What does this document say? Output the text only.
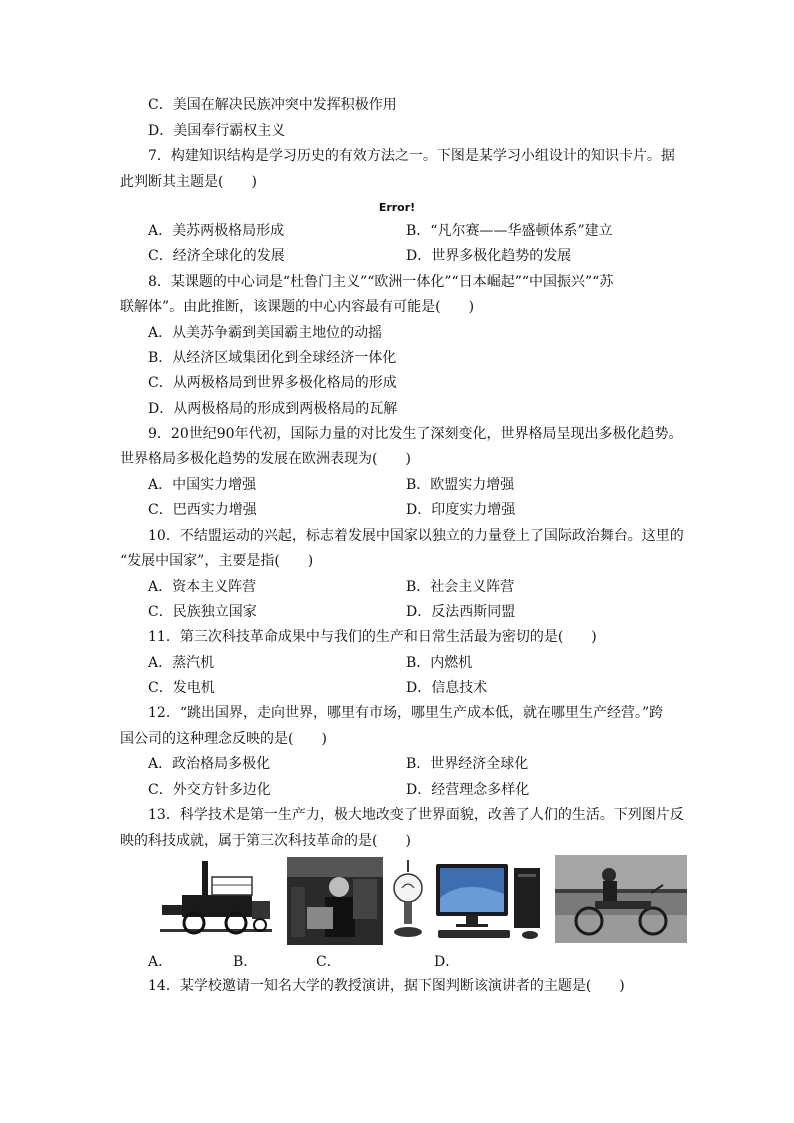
C．美国在解决民族冲突中发挥积极作用
D．美国奉行霸权主义
7．构建知识结构是学习历史的有效方法之一。下图是某学习小组设计的知识卡片。据
此判断其主题是(　　)
Error!
A．美苏两极格局形成	B．“凡尔赛——华盛顿体系”建立
C．经济全球化的发展	D．世界多极化趋势的发展
8．某课题的中心词是“杜鲁门主义”“欧洲一体化”“日本崛起”“中国振兴”“苏
联解体”。由此推断，该课题的中心内容最有可能是(　　)
A．从美苏争霸到美国霸主地位的动摇
B．从经济区域集团化到全球经济一体化
C．从两极格局到世界多极化格局的形成
D．从两极格局的形成到两极格局的瓦解
9．20世纪90年代初，国际力量的对比发生了深刻变化，世界格局呈现出多极化趋势。
世界格局多极化趋势的发展在欧洲表现为(　　)
A．中国实力增强	B．欧盟实力增强
C．巴西实力增强	D．印度实力增强
10．不结盟运动的兴起，标志着发展中国家以独立的力量登上了国际政治舞台。这里的
“发展中国家”，主要是指(　　)
A．资本主义阵营	B．社会主义阵营
C．民族独立国家	D．反法西斯同盟
11．第三次科技革命成果中与我们的生产和日常生活最为密切的是(　　)
A．蒸汽机	B．内燃机
C．发电机	D．信息技术
12．“跳出国界，走向世界，哪里有市场，哪里生产成本低，就在哪里生产经营。”跨
国公司的这种理念反映的是(　　)
A．政治格局多极化	B．世界经济全球化
C．外交方针多边化	D．经营理念多样化
13．科学技术是第一生产力，极大地改变了世界面貌，改善了人们的生活。下列图片反
映的科技成就，属于第三次科技革命的是(　　)
A．	B．	C．	D．
14．某学校邀请一知名大学的教授演讲，据下图判断该演讲者的主题是(　　)
